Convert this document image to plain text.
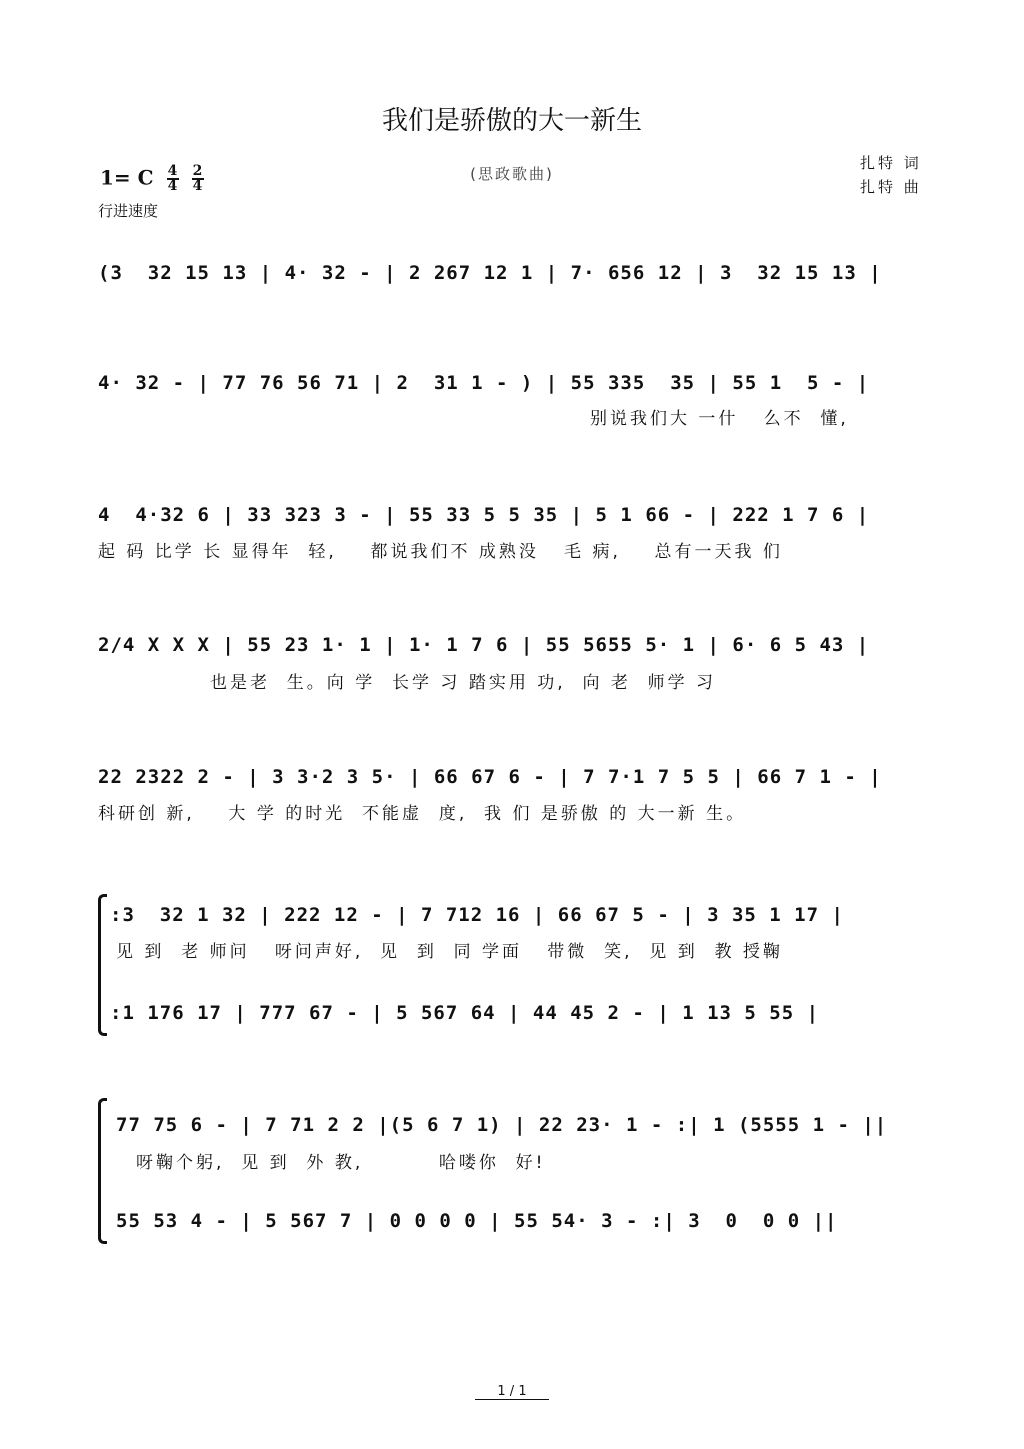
我们是骄傲的大一新生
(思政歌曲)
扎特 词
扎特 曲
1= C $\frac{4}{4}$
$\frac{2}{4}$
行进速度
(3  32 15 13 | 4· 32 - | 2 267 12 1 | 7· 656 12 | 3  32 15 13 |
4· 32 - | 77 76 56 71 | 2  31 1 - ) | 55 335  35 | 55 1  5 - |
别说我们大 一什   么不  懂,
4  4·32 6 | 33 323 3 - | 55 33 5 5 35 | 5 1 66 - | 222 1 7 6 |
起 码 比学 长 显得年  轻,    都说我们不 成熟没   毛 病,    总有一天我 们
2/4 X X X | 55 23 1· 1 | 1· 1 7 6 | 55 5655 5· 1 | 6· 6 5 43 |
也是老  生。向 学  长学 习 踏实用 功,  向 老  师学 习
22 2322 2 - | 3 3·2 3 5· | 66 67 6 - | 7 7·1 7 5 5 | 66 7 1 - |
科研创 新,    大 学 的时光  不能虚  度,  我 们 是骄傲 的 大一新 生。
:3  32 1 32 | 222 12 - | 7 712 16 | 66 67 5 - | 3 35 1 17 |
见 到  老 师问   呀问声好,  见  到  同 学面   带微  笑,  见 到  教 授鞠
:1 176 17 | 777 67 - | 5 567 64 | 44 45 2 - | 1 13 5 55 |
77 75 6 - | 7 71 2 2 |(5 6 7 1) | 22 23· 1 - :| 1 (5555 1 - ||
呀鞠个躬,  见 到  外 教,         哈喽你  好!
55 53 4 - | 5 567 7 | 0 0 0 0 | 55 54· 3 - :| 3  0  0 0 ||
1 / 1
